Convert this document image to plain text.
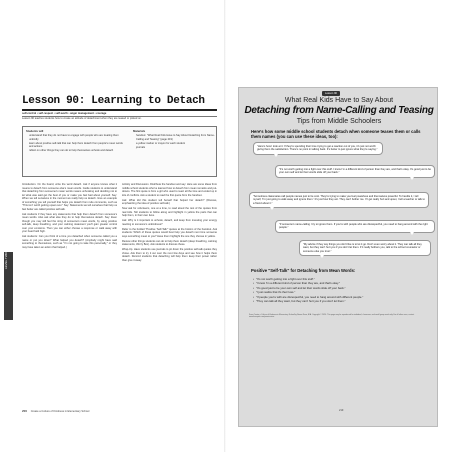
LEVEL TWO
Lesson 90: Learning to Detach
self-control • self-respect • self-worth • anger management • courage
Lesson 90 teaches students how to create an attitude of detachment when they are teased or picked on.
Students will
understand that they do not have to engage with people who are treating them unkindly
learn about positive self-talk that can help them detach from people's mean words and actions
reflect on other things they can do to help themselves unhook and detach
Materials
handout: "What Real Kids Have to Say About Detaching from Name-Calling and Teasing" (page 219)
a yellow marker or crayon for each student
journals

Introduction. On the board, write the word detach. Ask if anyone knows what it means to detach from someone else's mean words. Guide students to understand that detaching from someone's mean words means unhooking and deciding not to let what was said get the best of you or make you feel bad about yourself. Say: When we tell ourselves in the moment we really help us detach. Give an example of something you tell yourself that helps you detach from rude comments, such as "This isn't worth getting upset over." Say: Statements we tell ourselves that help us feel better are called positive self-talk.

Ask students if they have any statements that help them detach from someone's mean words. Also ask what else they do to help themselves detach. Say: Even though you may still feel the sting of someone's mean words, by using positive self-talk, deep breathing, and your calming statement you'll gain greater control over your emotions. Then you can either choose a response or walk away with your head held high.

Ask students: Can you think of a time you detached when someone called you a name or put you down? What helped you detach? (Anybody might have said something to themselves, such as "I'm not going to take this personally," or they may have taken an action that helped.)

Activity and Discussion. Distribute the handout and say: Here are some ideas from middle school students who've learned how to detach from mean remarks and put-downs. The first quote is from a girl who used to react all the time and ended up in lots of conflicts. Ask a student to read the first quote from the handout.

Ask: What did this student tell herself that helped her detach? (Discuss, emphasizing the idea of positive self-talk.)

Now ask for volunteers, one at a time, to read aloud the rest of the quotes from real kids. Tell students to follow along and highlight in yellow the parts that can help them, in their own lives.

Ask: Why is it important to unhook, detach, and keep from investing your energy reacting to someone's unkindness?

Refer to the bolded "Positive 'Self-Talk'" quotes at the bottom of the handout. Ask students: Which of these quotes would best help you detach next time someone says something mean to you? Have them highlight the one they choose in yellow.

Review other things students can do to help them detach (deep breathing, calming statements, Worry Box). Ask students to discuss these.

Wrap-Up. Have students use journals to jot down the positive self-talk quotes they chose. Ask them to try it out over the next few days and see how it helps them detach. Remind students that detaching will help them keep their power rather than give it away.

200 Create a Culture of Kindness in Elementary School
Lesson 90
What Real Kids Have to Say About
Detaching from Name-Calling and Teasing
Tips from Middle Schoolers
Here's how some middle school students detach when someone teases them or calls them names (you can use these ideas, too):
"Here's how I look at it: If they're spending their time trying to get a reaction out of you, it's just not worth giving them the satisfaction. There's no point in talking back. It's better to just ignore what they're saying."
"It's not worth getting into a fight over this stuff. I know I'm a different kind of person than they are, and that's okay. It's good just to be your own self and let their words slide off your back."
"Sometimes classmates call people names just to be cool. They're trying to make you feel powerless and themselves powerful. To handle it, I tell myself, 'I'm just going to walk away and ignore them.' It's just how they act. They can't bother me. If I get really hurt and upset, I tell a teacher or talk to a friend about it."
"If someone's name-calling I try to ignore them. If you're with people who are disrespectful, you need to hang around with the right people."
"My advice if they say things you don't like is to let it go. Don't even worry about it. They can talk all they want, but they can't hurt you if you don't let them. If it really bothers you, talk to the school counselor or someone else you trust."
Positive "Self-Talk" for Detaching from Mean Words:
• "It's not worth getting into a fight over this stuff."
• "I know I'm a different kind of person than they are, and that's okay."
• "It's good just to be your own self and let their words slide off your back."
• "I just realize that it's their loss."
• "If people you're with are disrespectful, you need to hang around with different people."
• "They can talk all they want, but they can't hurt you if you don't let them."
From Create a Culture of Kindness in Elementary School by Naomi Drew, M.A. Copyright © 2020. This page may be reproduced for individual, classroom, and small group work only. For all other uses, contact www.freespirit.com/permissions.
219
